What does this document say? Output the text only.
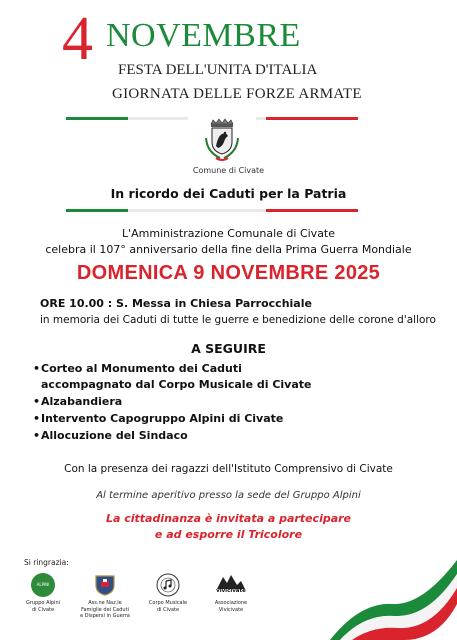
4 NOVEMBRE
FESTA DELL'UNITA D'ITALIA
GIORNATA DELLE FORZE ARMATE
Comune di Civate
In ricordo dei Caduti per la Patria
L'Amministrazione Comunale di Civate
celebra il 107° anniversario della fine della Prima Guerra Mondiale
DOMENICA 9 NOVEMBRE 2025
ORE 10.00 : S. Messa in Chiesa Parrocchiale
in memoria dei Caduti di tutte le guerre e benedizione delle corone d'alloro
A SEGUIRE
•Corteo al Monumento dei Caduti
accompagnato dal Corpo Musicale di Civate
•Alzabandiera
•Intervento Capogruppo Alpini di Civate
•Allocuzione del Sindaco
Con la presenza dei ragazzi dell'Istituto Comprensivo di Civate
Al termine aperitivo presso la sede del Gruppo Alpini
La cittadinanza è invitata a partecipare
e ad esporre il Tricolore
Si ringrazia:
ALPINI
Gruppo Alpini
di Civate
Ass.ne Naz.le
Famiglie dei Caduti
e Dispersi in Guerra
Corpo Musicale
di Civate
vivicivate
Associazione
Vivicivate
